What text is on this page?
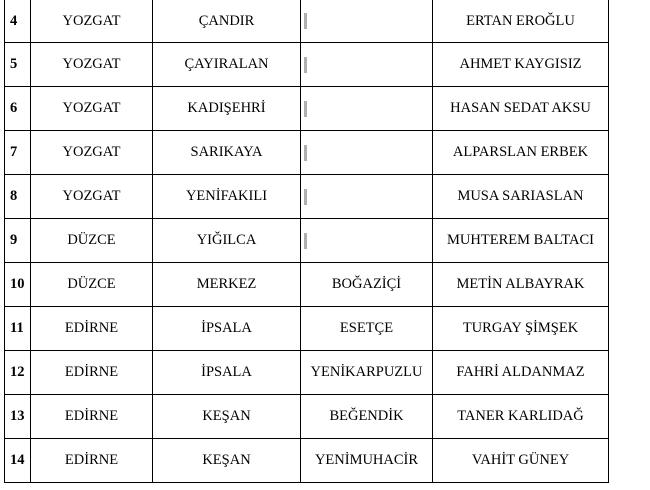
4	YOZGAT	ÇANDIR		ERTAN EROĞLU
5	YOZGAT	ÇAYIRALAN		AHMET KAYGISIZ
6	YOZGAT	KADIŞEHRİ		HASAN SEDAT AKSU
7	YOZGAT	SARIKAYA		ALPARSLAN ERBEK
8	YOZGAT	YENİFAKILI		MUSA SARIASLAN
9	DÜZCE	YIĞILCA		MUHTEREM BALTACI
10	DÜZCE	MERKEZ	BOĞAZİÇİ	METİN ALBAYRAK
11	EDİRNE	İPSALA	ESETÇE	TURGAY ŞİMŞEK
12	EDİRNE	İPSALA	YENİKARPUZLU	FAHRİ ALDANMAZ
13	EDİRNE	KEŞAN	BEĞENDİK	TANER KARLIDAĞ
14	EDİRNE	KEŞAN	YENİMUHACİR	VAHİT GÜNEY
